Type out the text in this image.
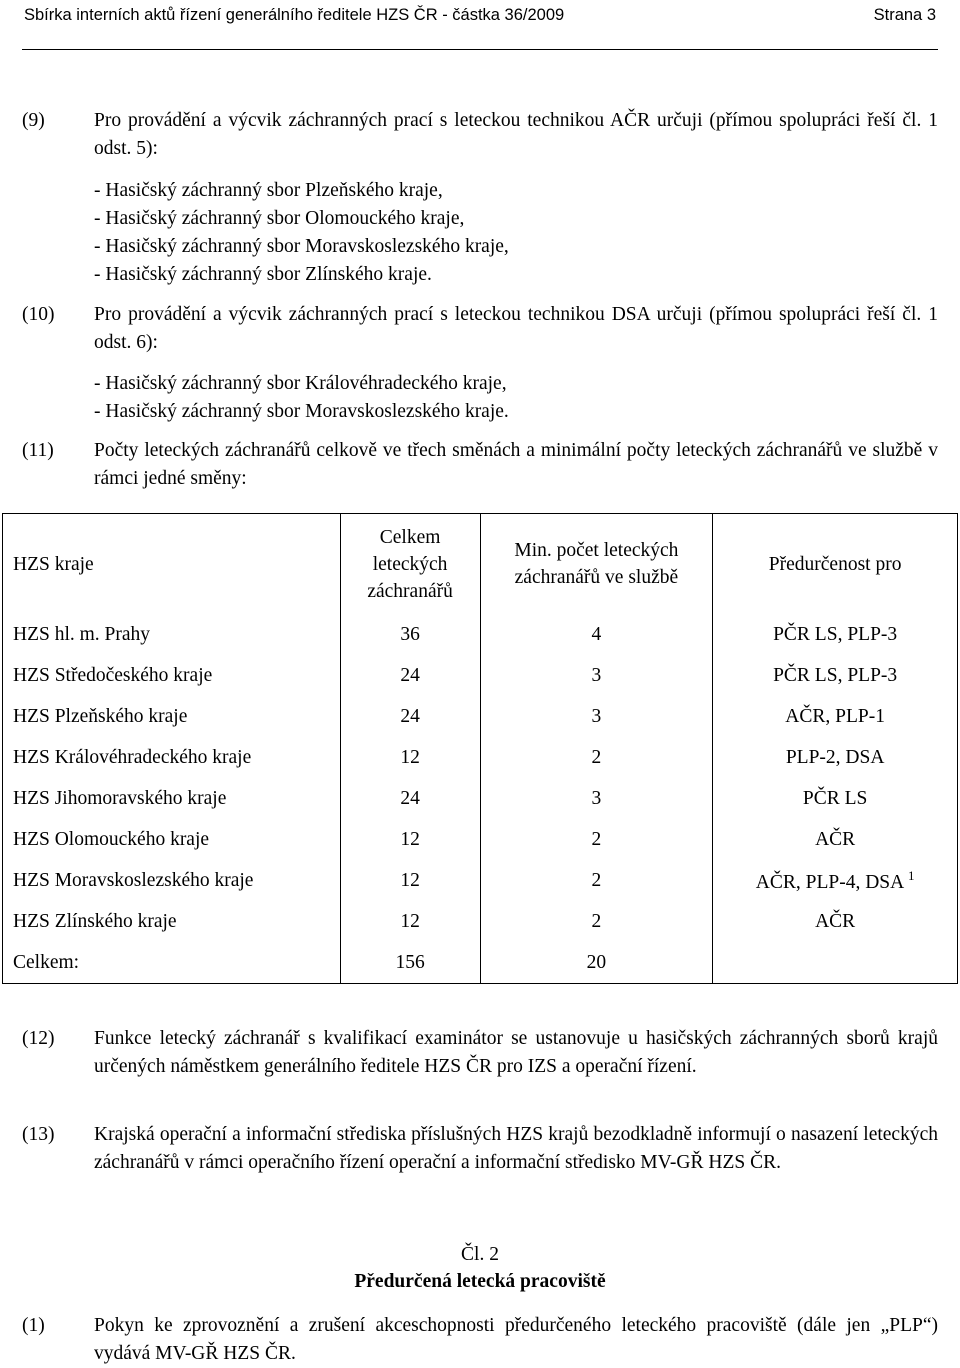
Sbírka interních aktů řízení generálního ředitele HZS ČR - částka 36/2009	Strana 3
(9)	Pro provádění a výcvik záchranných prací s leteckou technikou AČR určuji (přímou spolupráci řeší čl. 1 odst. 5):
- Hasičský záchranný sbor Plzeňského kraje,
- Hasičský záchranný sbor Olomouckého kraje,
- Hasičský záchranný sbor Moravskoslezského kraje,
- Hasičský záchranný sbor Zlínského kraje.
(10) Pro provádění a výcvik záchranných prací s leteckou technikou DSA určuji (přímou spolupráci řeší čl. 1 odst. 6):
- Hasičský záchranný sbor Královéhradeckého kraje,
- Hasičský záchranný sbor Moravskoslezského kraje.
(11) Počty leteckých záchranářů celkově ve třech směnách a minimální počty leteckých záchranářů ve službě v rámci jedné směny:
HZS kraje	Celkem leteckých záchranářů	Min. počet leteckých záchranářů ve službě	Předurčenost pro
HZS hl. m. Prahy	36	4	PČR LS, PLP-3
HZS Středočeského kraje	24	3	PČR LS, PLP-3
HZS Plzeňského kraje	24	3	AČR, PLP-1
HZS Královéhradeckého kraje	12	2	PLP-2, DSA
HZS Jihomoravského kraje	24	3	PČR LS
HZS Olomouckého kraje	12	2	AČR
HZS Moravskoslezského kraje	12	2	AČR, PLP-4, DSA $^1$
HZS Zlínského kraje	12	2	AČR
Celkem:	156	20	
(12) Funkce letecký záchranář s kvalifikací examinátor se ustanovuje u hasičských záchranných sborů krajů určených náměstkem generálního ředitele HZS ČR pro IZS a operační řízení.
(13) Krajská operační a informační střediska příslušných HZS krajů bezodkladně informují o nasazení leteckých záchranářů v rámci operačního řízení operační a informační středisko MV-GŘ HZS ČR.
Čl. 2
Předurčená letecká pracoviště
(1)	Pokyn ke zprovoznění a zrušení akceschopnosti předurčeného leteckého pracoviště (dále jen „PLP“) vydává MV-GŘ HZS ČR.
